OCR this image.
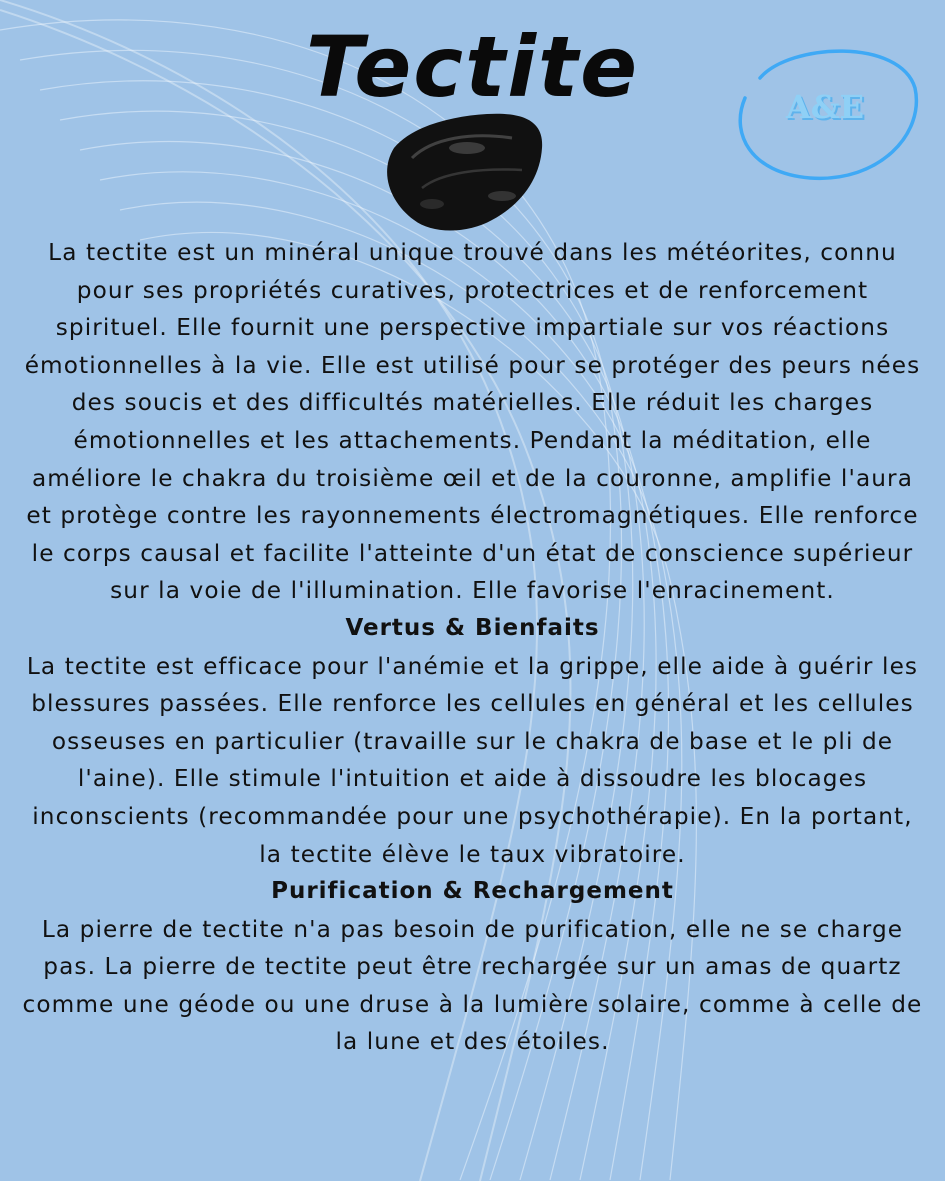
Tectite	A&E

La tectite est un minéral unique trouvé dans les météorites, connu pour ses propriétés curatives, protectrices et de renforcement spirituel. Elle fournit une perspective impartiale sur vos réactions émotionnelles à la vie. Elle est utilisé pour se protéger des peurs nées des soucis et des difficultés matérielles. Elle réduit les charges émotionnelles et les attachements. Pendant la méditation, elle améliore le chakra du troisième œil et de la couronne, amplifie l'aura et protège contre les rayonnements électromagnétiques. Elle renforce le corps causal et facilite l'atteinte d'un état de conscience supérieur sur la voie de l'illumination. Elle favorise l'enracinement.

Vertus & Bienfaits

La tectite est efficace pour l'anémie et la grippe, elle aide à guérir les blessures passées. Elle renforce les cellules en général et les cellules osseuses en particulier (travaille sur le chakra de base et le pli de l'aine). Elle stimule l'intuition et aide à dissoudre les blocages inconscients (recommandée pour une psychothérapie). En la portant, la tectite élève le taux vibratoire.

Purification & Rechargement

La pierre de tectite n'a pas besoin de purification, elle ne se charge pas. La pierre de tectite peut être rechargée sur un amas de quartz comme une géode ou une druse à la lumière solaire, comme à celle de la lune et des étoiles.
